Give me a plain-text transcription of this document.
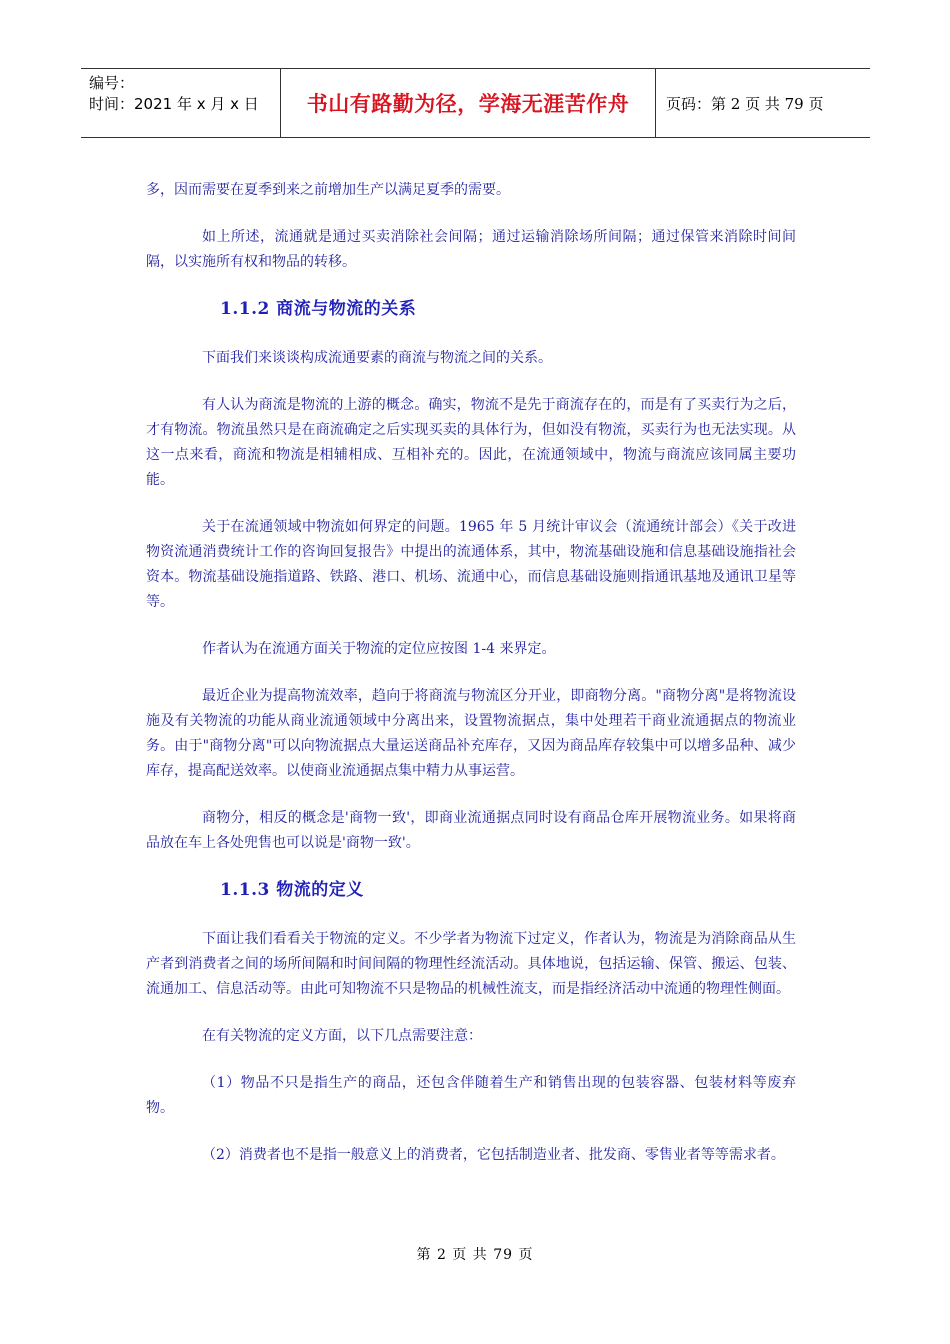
编号：
时间：2021 年 x 月 x 日	书山有路勤为径，学海无涯苦作舟	页码：第 2 页 共 79 页

多，因而需要在夏季到来之前增加生产以满足夏季的需要。

如上所述，流通就是通过买卖消除社会间隔；通过运输消除场所间隔；通过保管来消除时间间隔，以实施所有权和物品的转移。

1.1.2 商流与物流的关系

下面我们来谈谈构成流通要素的商流与物流之间的关系。

有人认为商流是物流的上游的概念。确实，物流不是先于商流存在的，而是有了买卖行为之后，才有物流。物流虽然只是在商流确定之后实现买卖的具体行为，但如没有物流，买卖行为也无法实现。从这一点来看，商流和物流是相辅相成、互相补充的。因此，在流通领域中，物流与商流应该同属主要功能。

关于在流通领域中物流如何界定的问题。1965 年 5 月统计审议会（流通统计部会）《关于改进物资流通消费统计工作的咨询回复报告》中提出的流通体系，其中，物流基础设施和信息基础设施指社会资本。物流基础设施指道路、铁路、港口、机场、流通中心，而信息基础设施则指通讯基地及通讯卫星等等。

作者认为在流通方面关于物流的定位应按图 1-4 来界定。

最近企业为提高物流效率，趋向于将商流与物流区分开业，即商物分离。"商物分离"是将物流设施及有关物流的功能从商业流通领域中分离出来，设置物流据点，集中处理若干商业流通据点的物流业务。由于"商物分离"可以向物流据点大量运送商品补充库存，又因为商品库存较集中可以增多品种、减少库存，提高配送效率。以使商业流通据点集中精力从事运营。

商物分，相反的概念是'商物一致'，即商业流通据点同时设有商品仓库开展物流业务。如果将商品放在车上各处兜售也可以说是'商物一致'。

1.1.3 物流的定义

下面让我们看看关于物流的定义。不少学者为物流下过定义，作者认为，物流是为消除商品从生产者到消费者之间的场所间隔和时间间隔的物理性经流活动。具体地说，包括运输、保管、搬运、包装、流通加工、信息活动等。由此可知物流不只是物品的机械性流支，而是指经济活动中流通的物理性侧面。

在有关物流的定义方面，以下几点需要注意：

（1）物品不只是指生产的商品，还包含伴随着生产和销售出现的包装容器、包装材料等废弃物。

（2）消费者也不是指一般意义上的消费者，它包括制造业者、批发商、零售业者等等需求者。

第 2 页 共 79 页
